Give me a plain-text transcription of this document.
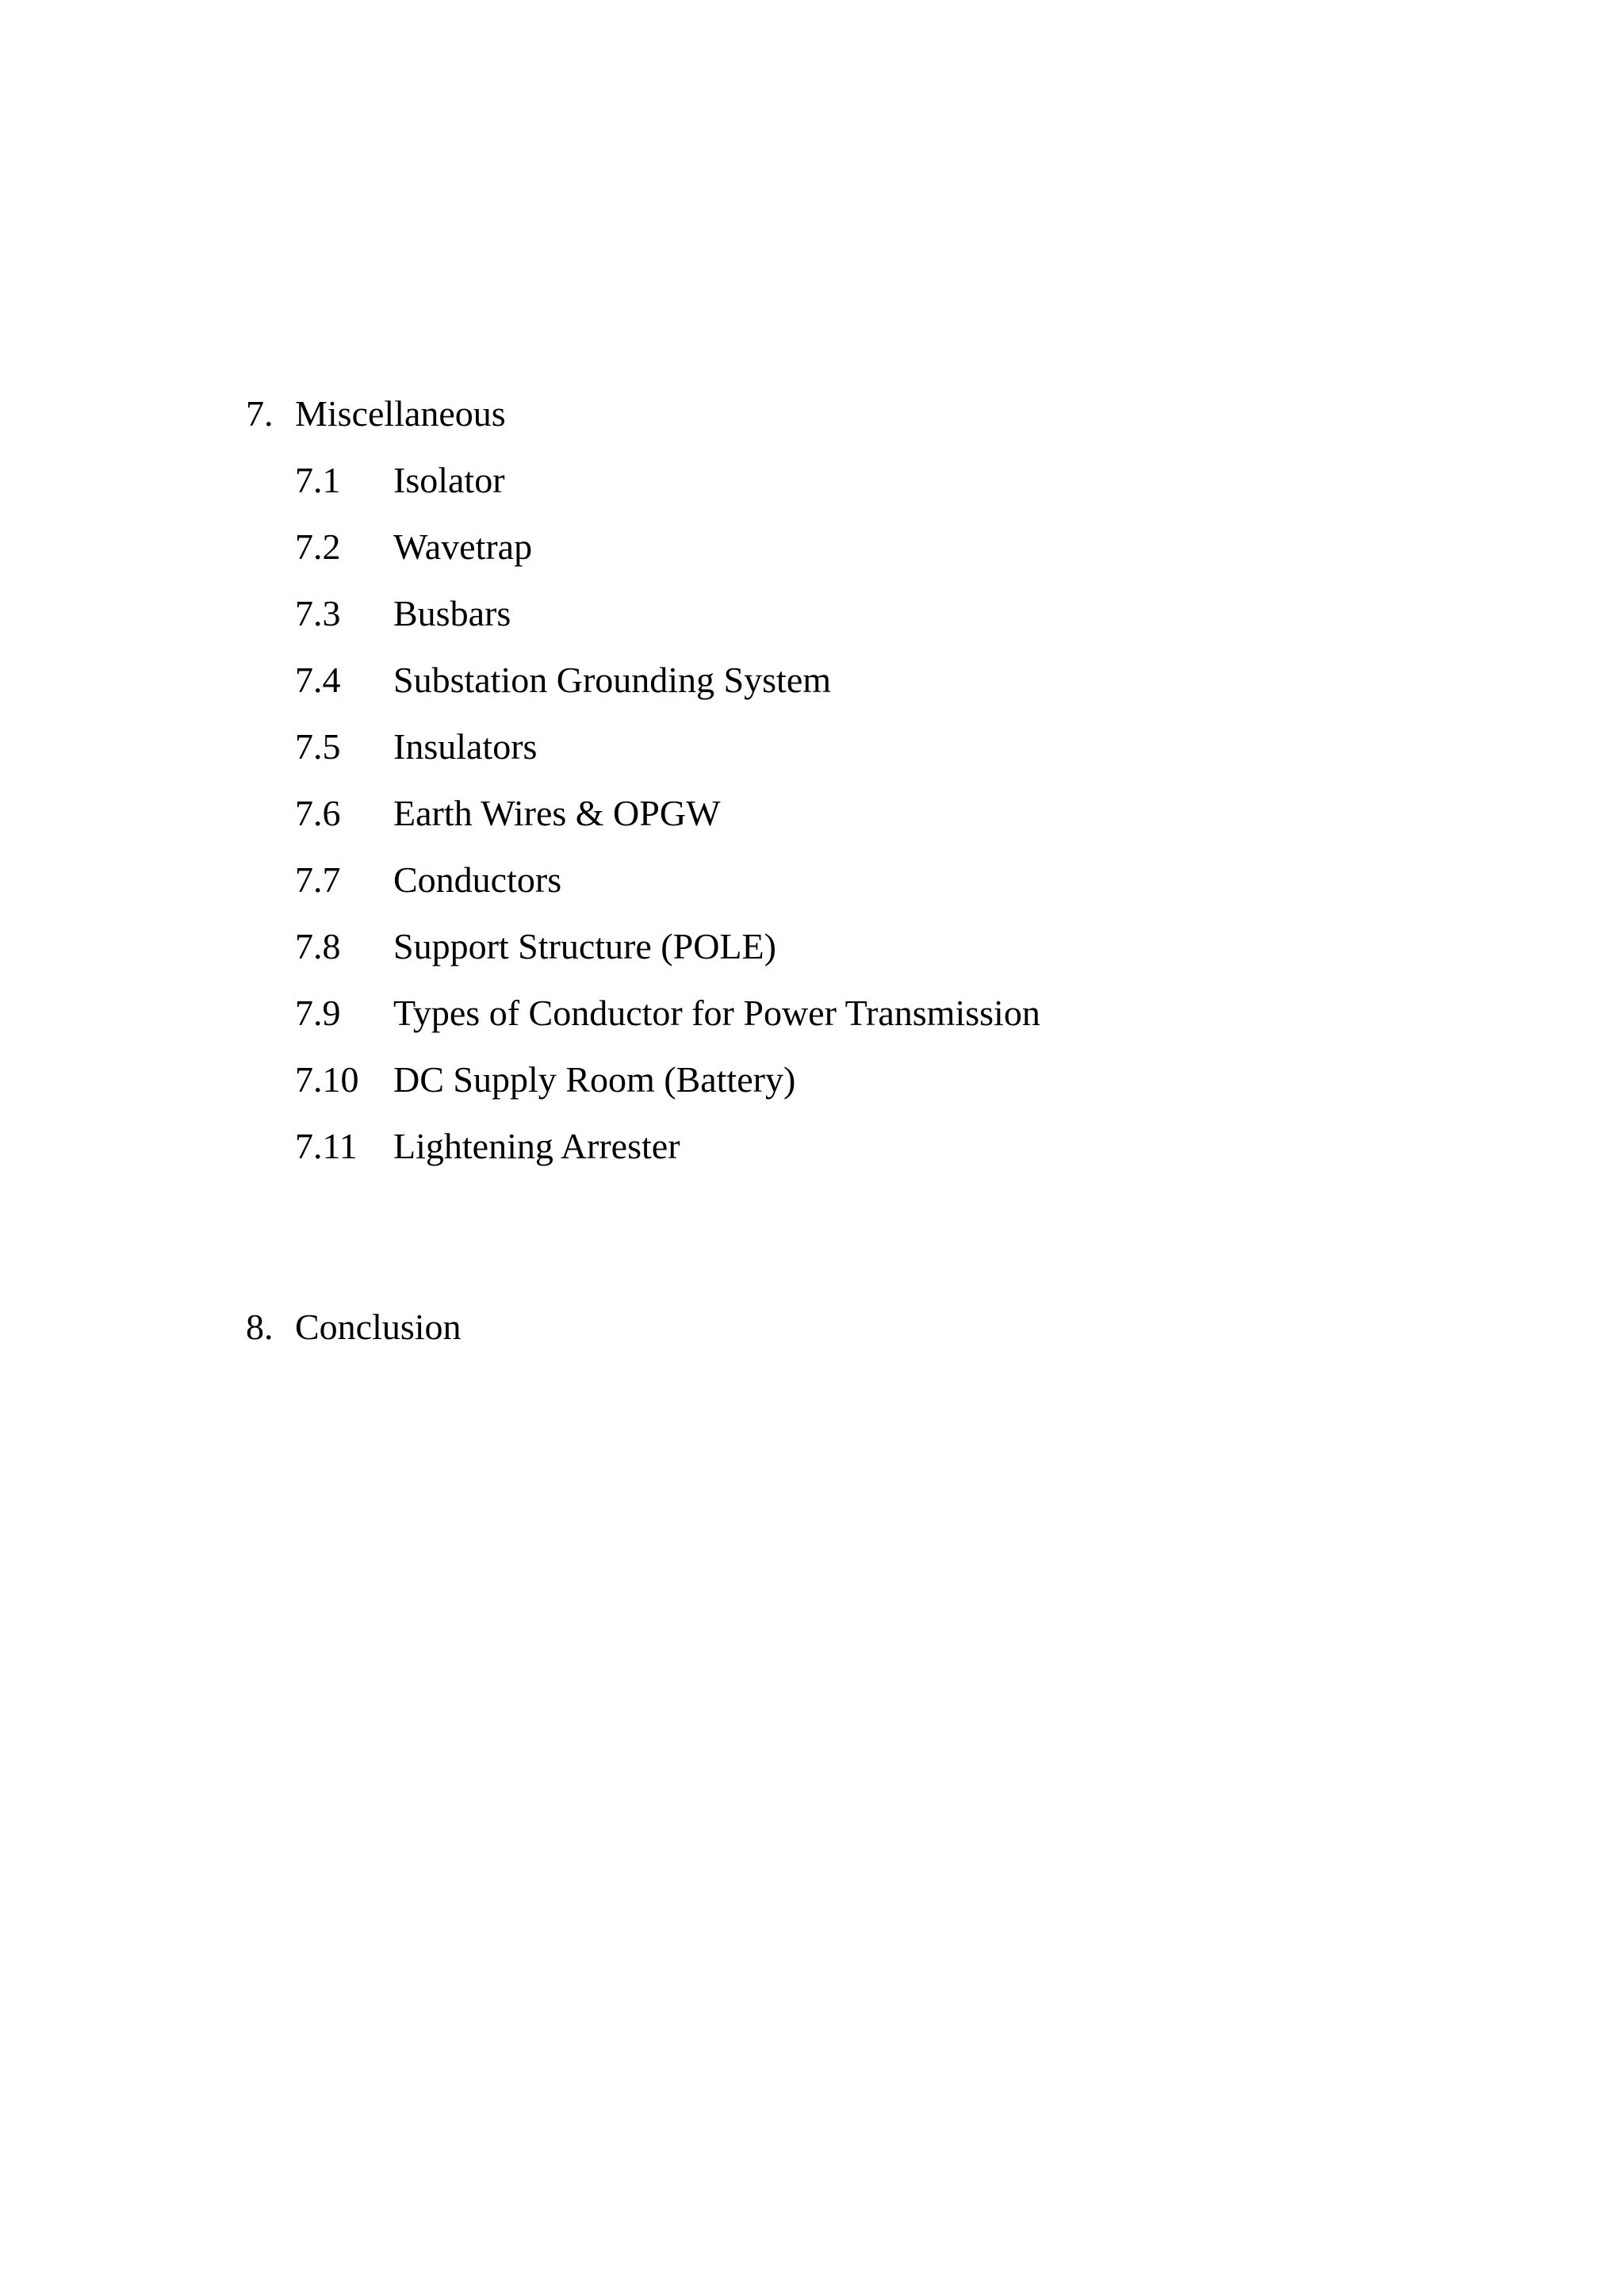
7. Miscellaneous
7.1	Isolator
7.2	Wavetrap
7.3	Busbars
7.4	Substation Grounding System
7.5	Insulators
7.6	Earth Wires & OPGW
7.7	Conductors
7.8	Support Structure (POLE)
7.9	Types of Conductor for Power Transmission
7.10 DC Supply Room (Battery)
7.11 Lightening Arrester
8. Conclusion
